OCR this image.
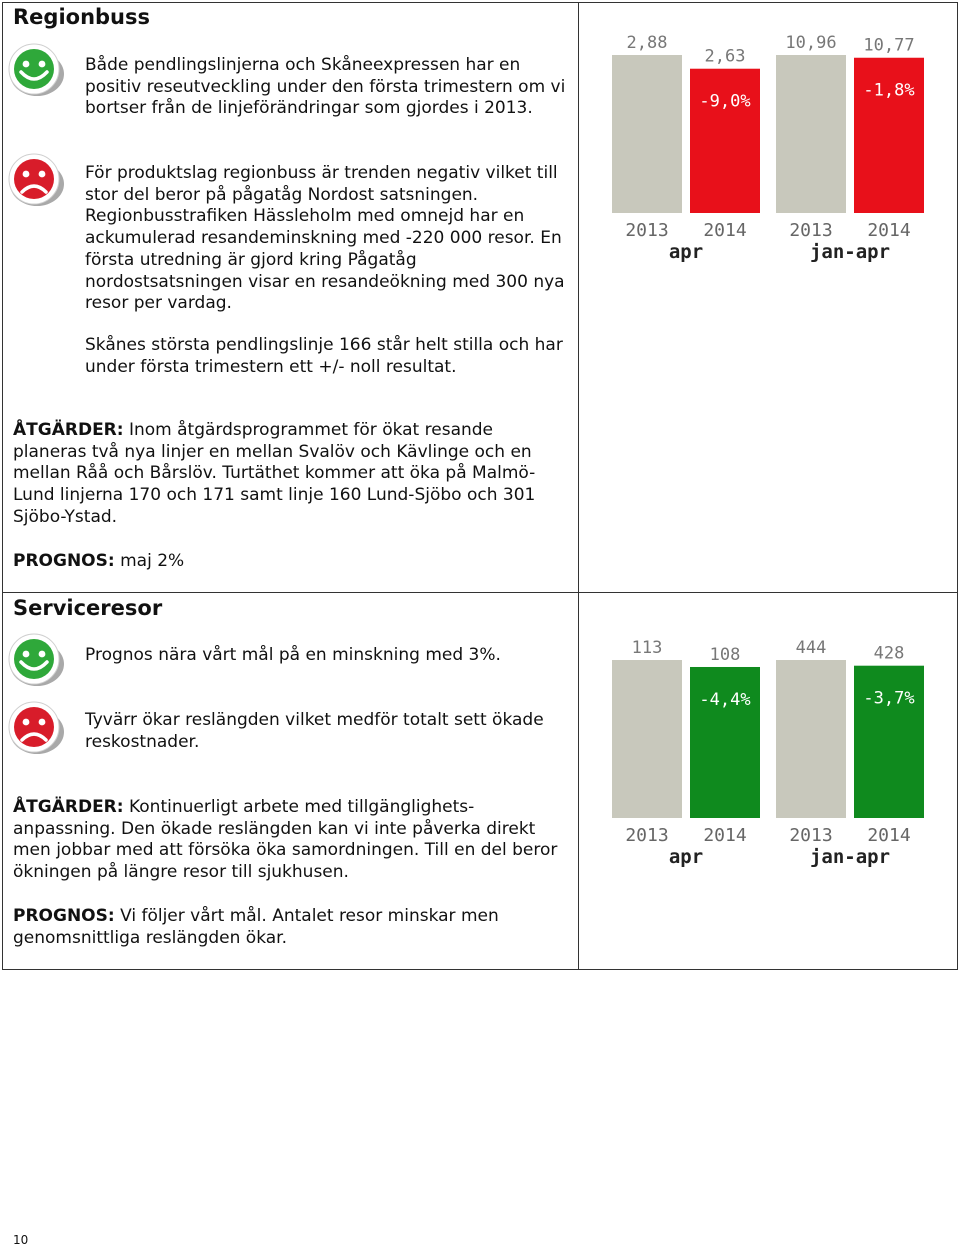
Regionbuss

Både pendlingslinjerna och Skåneexpressen har en positiv reseutveckling under den första trimestern om vi bortser från de linjeförändringar som gjordes i 2013.

För produktslag regionbuss är trenden negativ vilket till stor del beror på pågatåg Nordost satsningen. Regionbusstrafiken Hässleholm med omnejd har en ackumulerad resandeminskning med -220 000 resor. En första utredning är gjord kring Pågatåg nordostsatsningen visar en resandeökning med 300 nya resor per vardag.

Skånes största pendlingslinje 166 står helt stilla och har under första trimestern ett +/- noll resultat.

ÅTGÄRDER: Inom åtgärdsprogrammet för ökat resande planeras två nya linjer en mellan Svalöv och Kävlinge och en mellan Råå och Bårslöv. Turtäthet kommer att öka på Malmö-Lund linjerna 170 och 171 samt linje 160 Lund-Sjöbo och 301 Sjöbo-Ystad.

PROGNOS: maj 2%

2,88
2013
2,63
-9,0%
2014
apr
10,96
2013
10,77
-1,8%
2014
jan-apr
Serviceresor

Prognos nära vårt mål på en minskning med 3%.

Tyvärr ökar reslängden vilket medför totalt sett ökade reskostnader.

ÅTGÄRDER: Kontinuerligt arbete med tillgänglighets-anpassning. Den ökade reslängden kan vi inte påverka direkt men jobbar med att försöka öka samordningen. Till en del beror ökningen på längre resor till sjukhusen.

PROGNOS: Vi följer vårt mål. Antalet resor minskar men genomsnittliga reslängden ökar.

113
2013
108
-4,4%
2014
apr
444
2013
428
-3,7%
2014
jan-apr
10
